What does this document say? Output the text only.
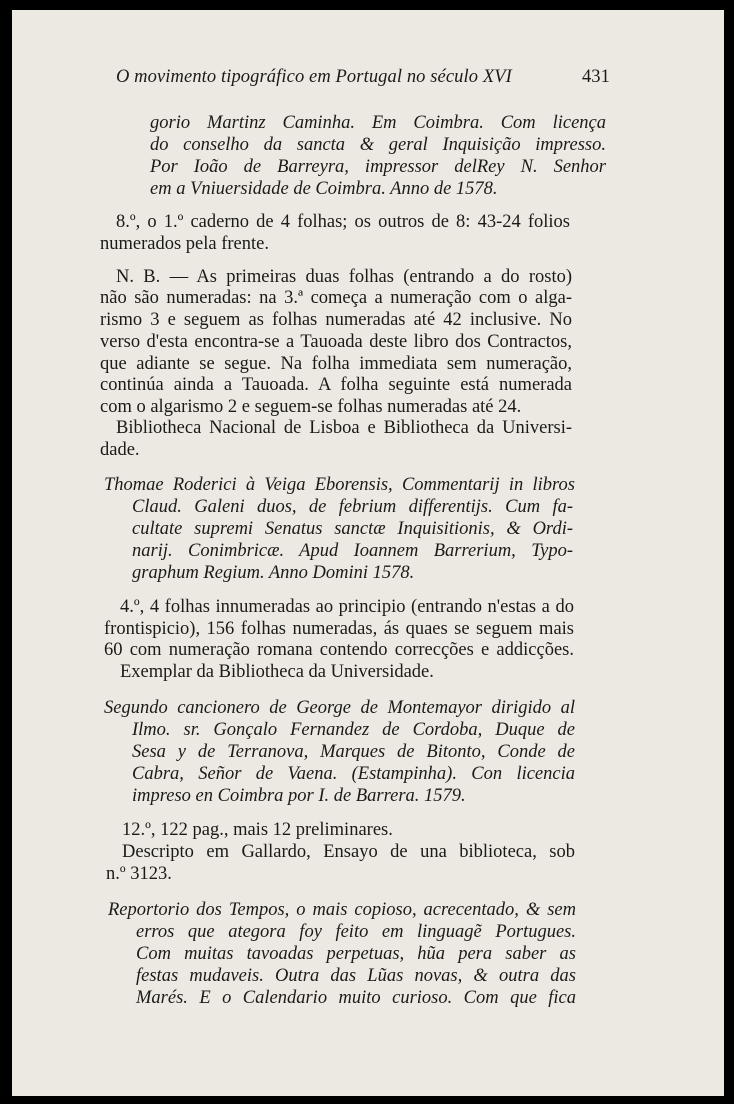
O movimento tipográfico em Portugal no século XVI	431
gorio Martinz Caminha. Em Coimbra. Com licença
do conselho da sancta & geral Inquisição impresso.
Por Ioão de Barreyra, impressor delRey N. Senhor
em a Vniuersidade de Coimbra. Anno de 1578.
8.º, o 1.º caderno de 4 folhas; os outros de 8: 43-24 folios
numerados pela frente.
N. B. — As primeiras duas folhas (entrando a do rosto)
não são numeradas: na 3.ª começa a numeração com o alga-
rismo 3 e seguem as folhas numeradas até 42 inclusive. No
verso d'esta encontra-se a Tauoada deste libro dos Contractos,
que adiante se segue. Na folha immediata sem numeração,
continúa ainda a Tauoada. A folha seguinte está numerada
com o algarismo 2 e seguem-se folhas numeradas até 24.
Bibliotheca Nacional de Lisboa e Bibliotheca da Universi-
dade.
Thomae Roderici à Veiga Eborensis, Commentarij in libros
Claud. Galeni duos, de febrium differentijs. Cum fa-
cultate supremi Senatus sanctæ Inquisitionis, & Ordi-
narij. Conimbricæ. Apud Ioannem Barrerium, Typo-
graphum Regium. Anno Domini 1578.
4.º, 4 folhas innumeradas ao principio (entrando n'estas a do
frontispicio), 156 folhas numeradas, ás quaes se seguem mais
60 com numeração romana contendo correcções e addicções.
Exemplar da Bibliotheca da Universidade.
Segundo cancionero de George de Montemayor dirigido al
Ilmo. sr. Gonçalo Fernandez de Cordoba, Duque de
Sesa y de Terranova, Marques de Bitonto, Conde de
Cabra, Señor de Vaena. (Estampinha). Con licencia
impreso en Coimbra por I. de Barrera. 1579.
12.º, 122 pag., mais 12 preliminares.
Descripto em Gallardo, Ensayo de una biblioteca, sob
n.º 3123.
Reportorio dos Tempos, o mais copioso, acrecentado, & sem
erros que ategora foy feito em linguagẽ Portugues.
Com muitas tavoadas perpetuas, hũa pera saber as
festas mudaveis. Outra das Lũas novas, & outra das
Marés. E o Calendario muito curioso. Com que fica
